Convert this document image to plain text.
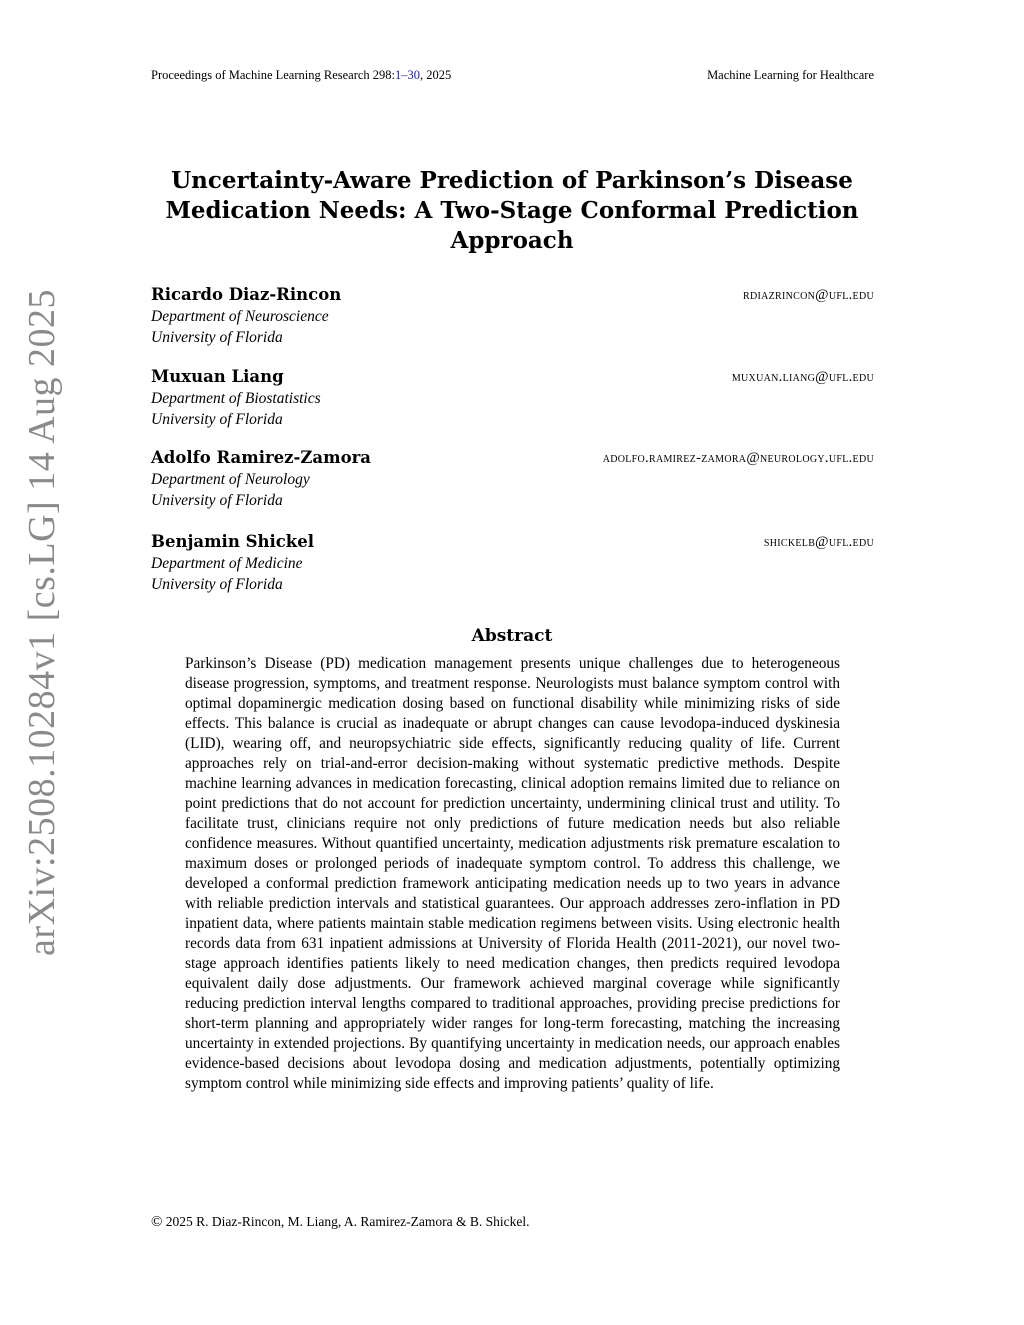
Proceedings of Machine Learning Research 298:1–30, 2025	Machine Learning for Healthcare
arXiv:2508.10284v1 [cs.LG] 14 Aug 2025
Uncertainty-Aware Prediction of Parkinson’s Disease
Medication Needs: A Two-Stage Conformal Prediction
Approach
Ricardo Diaz-Rincon	rdiazrincon@ufl.edu
Department of Neuroscience
University of Florida
Muxuan Liang	muxuan.liang@ufl.edu
Department of Biostatistics
University of Florida
Adolfo Ramirez-Zamora	adolfo.ramirez-zamora@neurology.ufl.edu
Department of Neurology
University of Florida
Benjamin Shickel	shickelb@ufl.edu
Department of Medicine
University of Florida
Abstract
Parkinson’s Disease (PD) medication management presents unique challenges due to heterogeneous disease progression, symptoms, and treatment response. Neurologists must balance symptom control with optimal dopaminergic medication dosing based on functional disability while minimizing risks of side effects. This balance is crucial as inadequate or abrupt changes can cause levodopa-induced dyskinesia (LID), wearing off, and neuropsychiatric side effects, significantly reducing quality of life. Current approaches rely on trial-and-error decision-making without systematic predictive methods. Despite machine learning advances in medication forecasting, clinical adoption remains limited due to reliance on point predictions that do not account for prediction uncertainty, undermining clinical trust and utility. To facilitate trust, clinicians require not only predictions of future medication needs but also reliable confidence measures. Without quantified uncertainty, medication adjustments risk premature escalation to maximum doses or prolonged periods of inadequate symptom control. To address this challenge, we developed a conformal prediction framework anticipating medication needs up to two years in advance with reliable prediction intervals and statistical guarantees. Our approach addresses zero-inflation in PD inpatient data, where patients maintain stable medication regimens between visits. Using electronic health records data from 631 inpatient admissions at University of Florida Health (2011-2021), our novel two-stage approach identifies patients likely to need medication changes, then predicts required levodopa equivalent daily dose adjustments. Our framework achieved marginal coverage while significantly reducing prediction interval lengths compared to traditional approaches, providing precise predictions for short-term planning and appropriately wider ranges for long-term forecasting, matching the increasing uncertainty in extended projections. By quantifying uncertainty in medication needs, our approach enables evidence-based decisions about levodopa dosing and medication adjustments, potentially optimizing symptom control while minimizing side effects and improving patients’ quality of life.
© 2025 R. Diaz-Rincon, M. Liang, A. Ramirez-Zamora & B. Shickel.
